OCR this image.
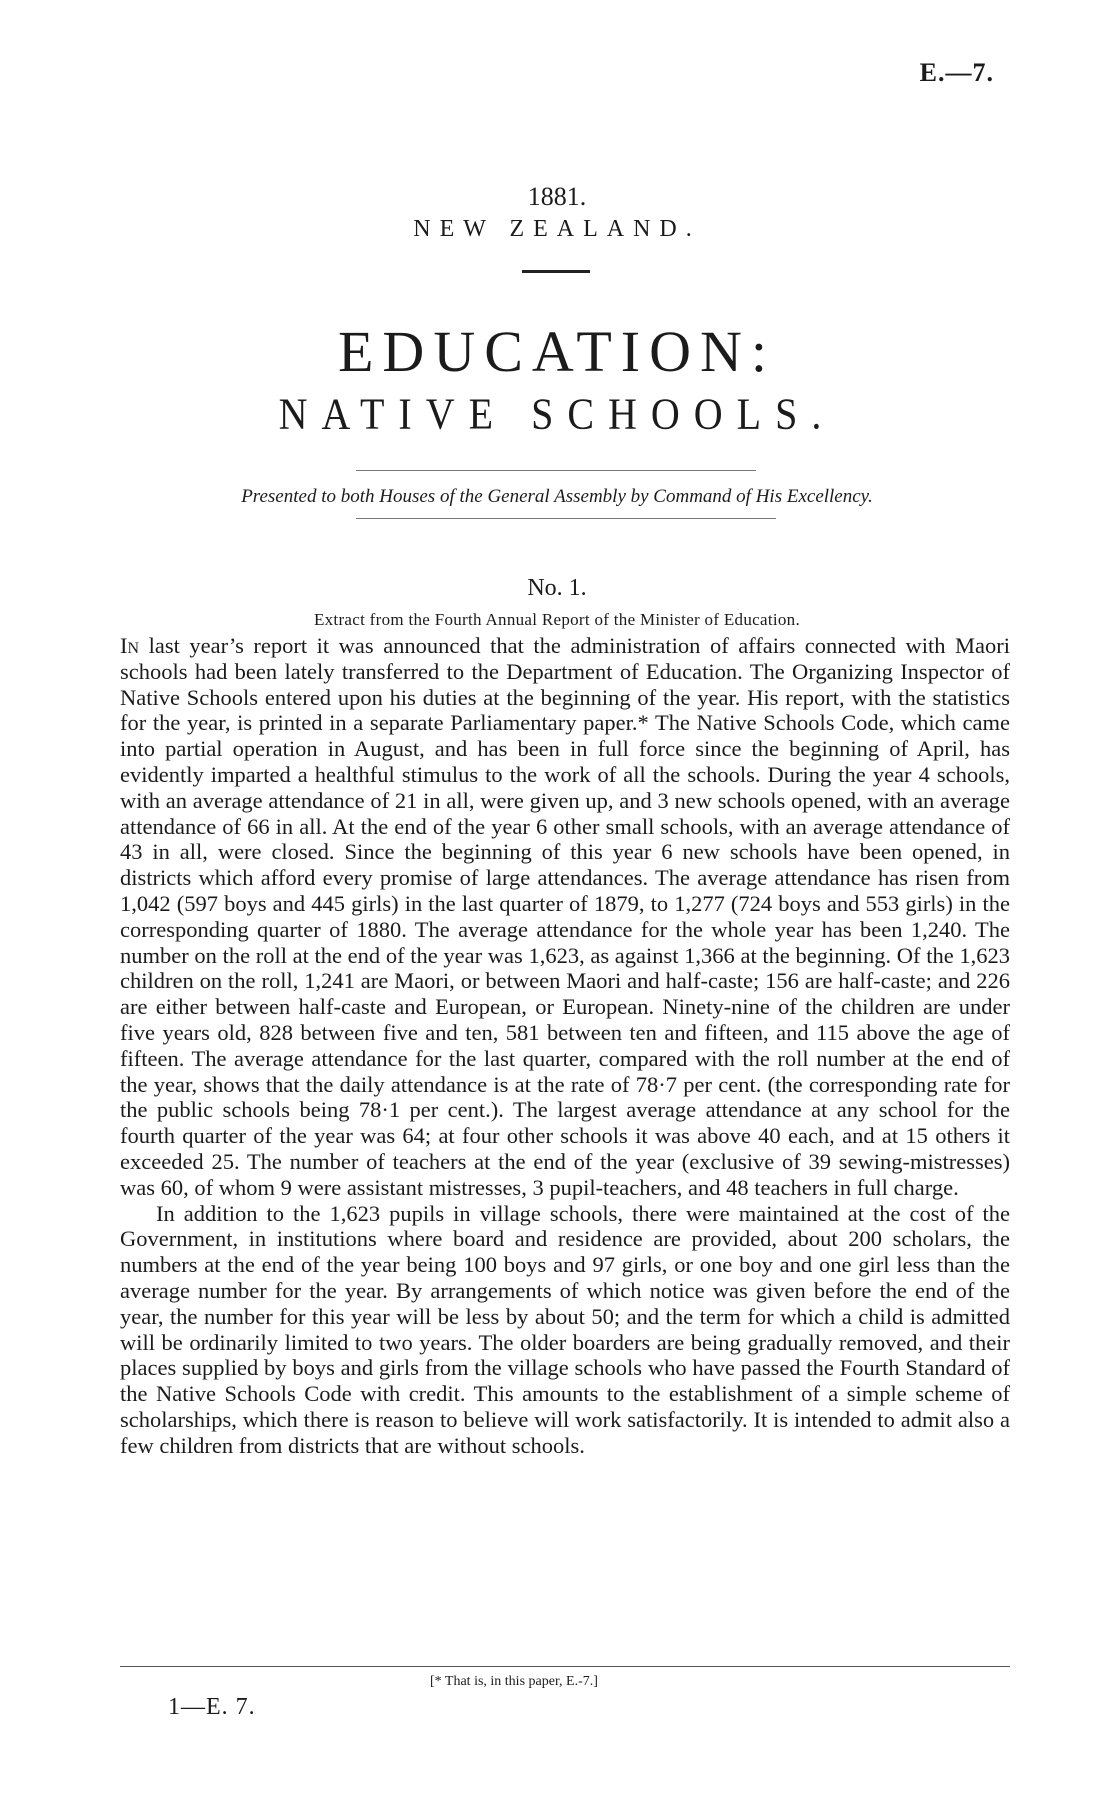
E.—7.
1881.
NEW ZEALAND.
EDUCATION:
NATIVE SCHOOLS.
Presented to both Houses of the General Assembly by Command of His Excellency.
No. 1.
Extract from the Fourth Annual Report of the Minister of Education.

In last year’s report it was announced that the administration of affairs connected with Maori schools had been lately transferred to the Department of Education. The Organizing Inspector of Native Schools entered upon his duties at the beginning of the year. His report, with the statistics for the year, is printed in a separate Parliamentary paper.* The Native Schools Code, which came into partial operation in August, and has been in full force since the beginning of April, has evidently imparted a healthful stimulus to the work of all the schools. During the year 4 schools, with an average attendance of 21 in all, were given up, and 3 new schools opened, with an average attendance of 66 in all. At the end of the year 6 other small schools, with an average attendance of 43 in all, were closed. Since the beginning of this year 6 new schools have been opened, in districts which afford every promise of large attendances. The average attendance has risen from 1,042 (597 boys and 445 girls) in the last quarter of 1879, to 1,277 (724 boys and 553 girls) in the corresponding quarter of 1880. The average attendance for the whole year has been 1,240. The number on the roll at the end of the year was 1,623, as against 1,366 at the beginning. Of the 1,623 children on the roll, 1,241 are Maori, or between Maori and half-caste; 156 are half-caste; and 226 are either between half-caste and European, or European. Ninety-nine of the children are under five years old, 828 between five and ten, 581 between ten and fifteen, and 115 above the age of fifteen. The average attendance for the last quarter, compared with the roll number at the end of the year, shows that the daily attendance is at the rate of 78·7 per cent. (the corresponding rate for the public schools being 78·1 per cent.). The largest average attendance at any school for the fourth quarter of the year was 64; at four other schools it was above 40 each, and at 15 others it exceeded 25. The number of teachers at the end of the year (exclusive of 39 sewing-mistresses) was 60, of whom 9 were assistant mistresses, 3 pupil-teachers, and 48 teachers in full charge.

In addition to the 1,623 pupils in village schools, there were maintained at the cost of the Government, in institutions where board and residence are provided, about 200 scholars, the numbers at the end of the year being 100 boys and 97 girls, or one boy and one girl less than the average number for the year. By arrangements of which notice was given before the end of the year, the number for this year will be less by about 50; and the term for which a child is admitted will be ordinarily limited to two years. The older boarders are being gradually removed, and their places supplied by boys and girls from the village schools who have passed the Fourth Standard of the Native Schools Code with credit. This amounts to the establishment of a simple scheme of scholarships, which there is reason to believe will work satisfactorily. It is intended to admit also a few children from districts that are without schools.

[* That is, in this paper, E.-7.]
1—E. 7.
